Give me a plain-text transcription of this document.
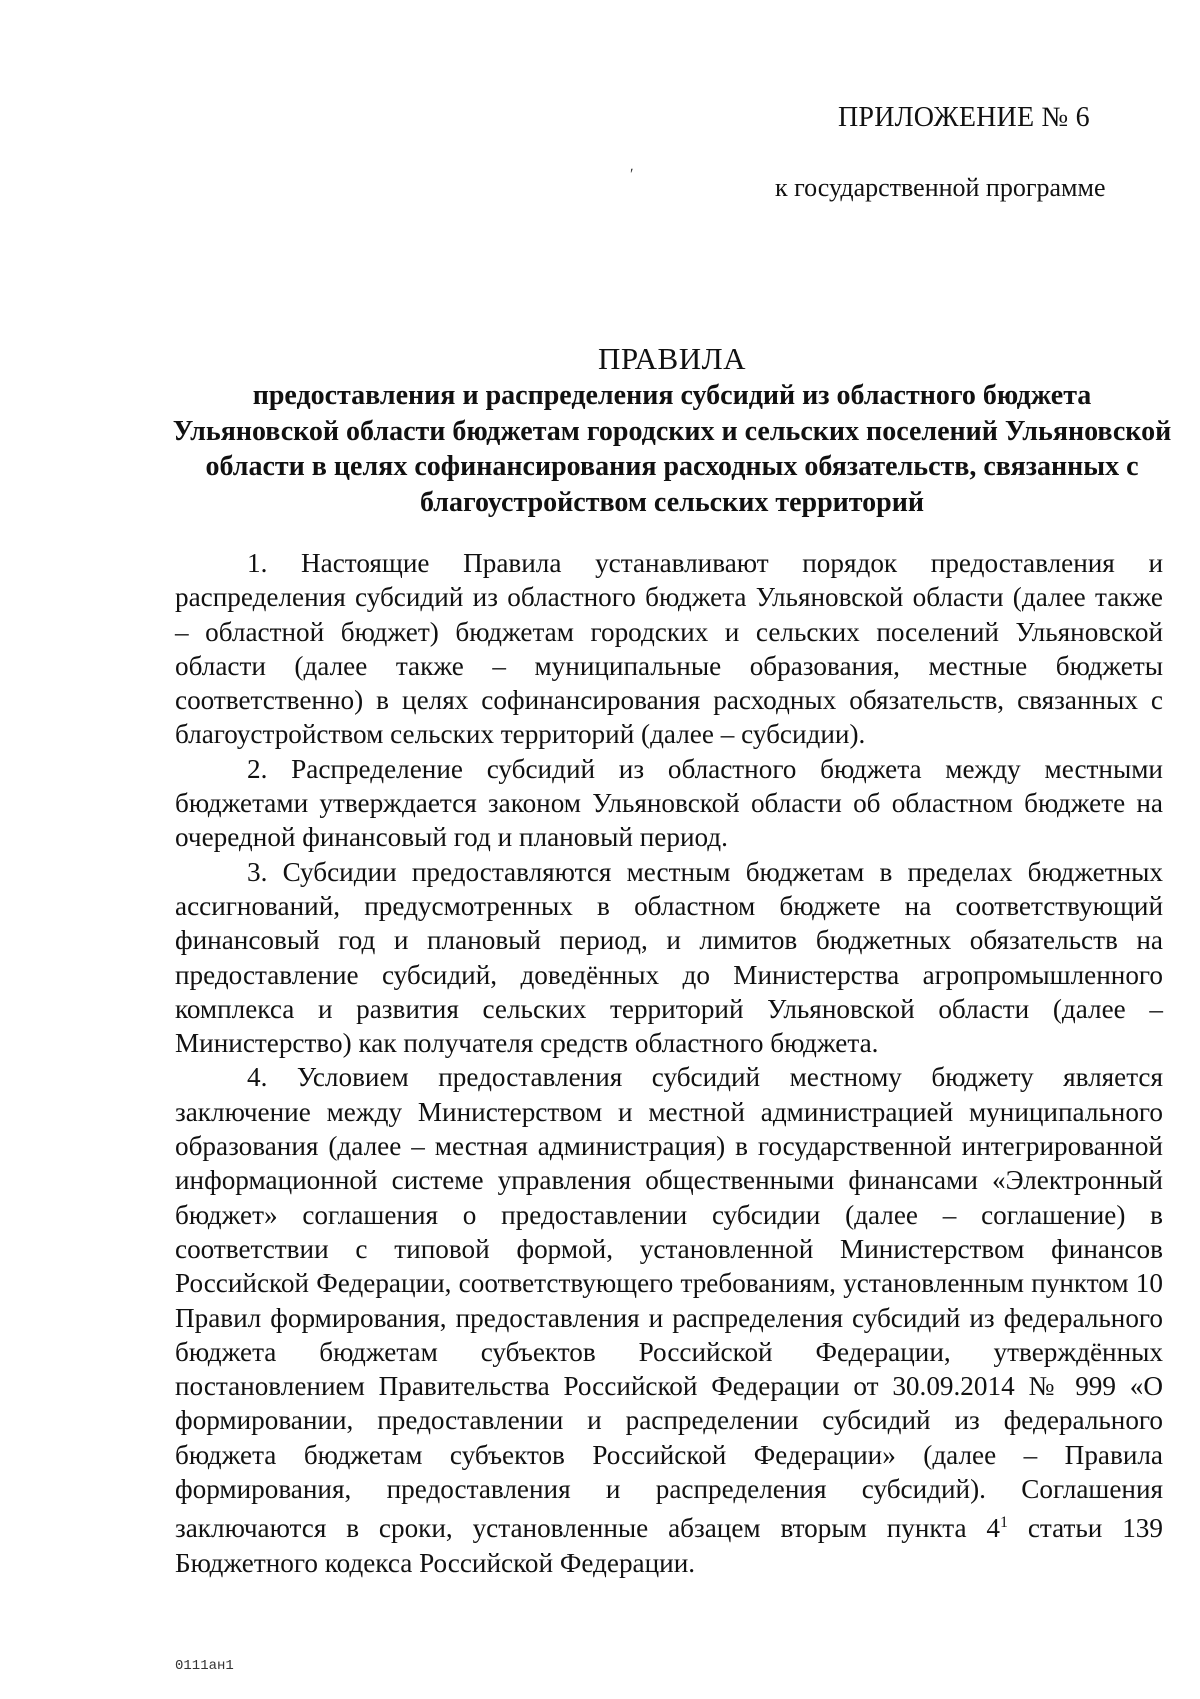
ПРИЛОЖЕНИЕ № 6
ʹ	к государственной программе
ПРАВИЛА
предоставления и распределения субсидий из областного бюджета Ульяновской области бюджетам городских и сельских поселений Ульяновской области в целях софинансирования расходных обязательств, связанных с благоустройством сельских территорий

1. Настоящие Правила устанавливают порядок предоставления и распределения субсидий из областного бюджета Ульяновской области (далее также – областной бюджет) бюджетам городских и сельских поселений Ульяновской области (далее также – муниципальные образования, местные бюджеты соответственно) в целях софинансирования расходных обязательств, связанных с благоустройством сельских территорий (далее – субсидии).

2. Распределение субсидий из областного бюджета между местными бюджетами утверждается законом Ульяновской области об областном бюджете на очередной финансовый год и плановый период.

3. Субсидии предоставляются местным бюджетам в пределах бюджетных ассигнований, предусмотренных в областном бюджете на соответствующий финансовый год и плановый период, и лимитов бюджетных обязательств на предоставление субсидий, доведённых до Министерства агропромышленного комплекса и развития сельских территорий Ульяновской области (далее – Министерство) как получателя средств областного бюджета.

4. Условием предоставления субсидий местному бюджету является заключение между Министерством и местной администрацией муниципального образования (далее – местная администрация) в государственной интегрированной информационной системе управления общественными финансами «Электронный бюджет» соглашения о предоставлении субсидии (далее – соглашение) в соответствии с типовой формой, установленной Министерством финансов Российской Федерации, соответствующего требованиям, установленным пунктом 10 Правил формирования, предоставления и распределения субсидий из федерального бюджета бюджетам субъектов Российской Федерации, утверждённых постановлением Правительства Российской Федерации от 30.09.2014 № 999 «О формировании, предоставлении и распределении субсидий из федерального бюджета бюджетам субъектов Российской Федерации» (далее – Правила формирования, предоставления и распределения субсидий). Соглашения заключаются в сроки, установленные абзацем вторым пункта $4^1$ статьи 139 Бюджетного кодекса Российской Федерации.

0111ан1
